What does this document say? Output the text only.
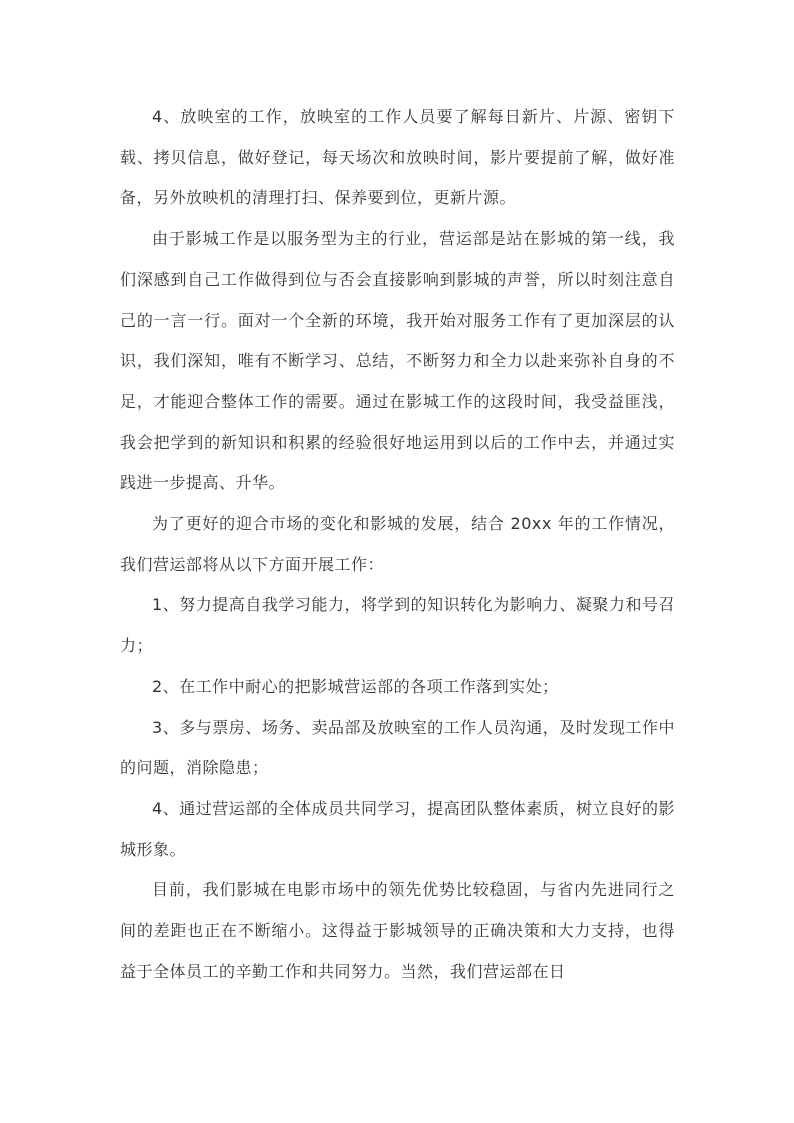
4、放映室的工作，放映室的工作人员要了解每日新片、片源、密钥下载、拷贝信息，做好登记，每天场次和放映时间，影片要提前了解，做好准备，另外放映机的清理打扫、保养要到位，更新片源。

由于影城工作是以服务型为主的行业，营运部是站在影城的第一线，我们深感到自己工作做得到位与否会直接影响到影城的声誉，所以时刻注意自己的一言一行。面对一个全新的环境，我开始对服务工作有了更加深层的认识，我们深知，唯有不断学习、总结，不断努力和全力以赴来弥补自身的不足，才能迎合整体工作的需要。通过在影城工作的这段时间，我受益匪浅，我会把学到的新知识和积累的经验很好地运用到以后的工作中去，并通过实践进一步提高、升华。

为了更好的迎合市场的变化和影城的发展，结合 20xx 年的工作情况，我们营运部将从以下方面开展工作：

1、努力提高自我学习能力，将学到的知识转化为影响力、凝聚力和号召力；

2、在工作中耐心的把影城营运部的各项工作落到实处；

3、多与票房、场务、卖品部及放映室的工作人员沟通，及时发现工作中的问题，消除隐患；

4、通过营运部的全体成员共同学习，提高团队整体素质，树立良好的影城形象。

目前，我们影城在电影市场中的领先优势比较稳固，与省内先进同行之间的差距也正在不断缩小。这得益于影城领导的正确决策和大力支持，也得益于全体员工的辛勤工作和共同努力。当然，我们营运部在日
